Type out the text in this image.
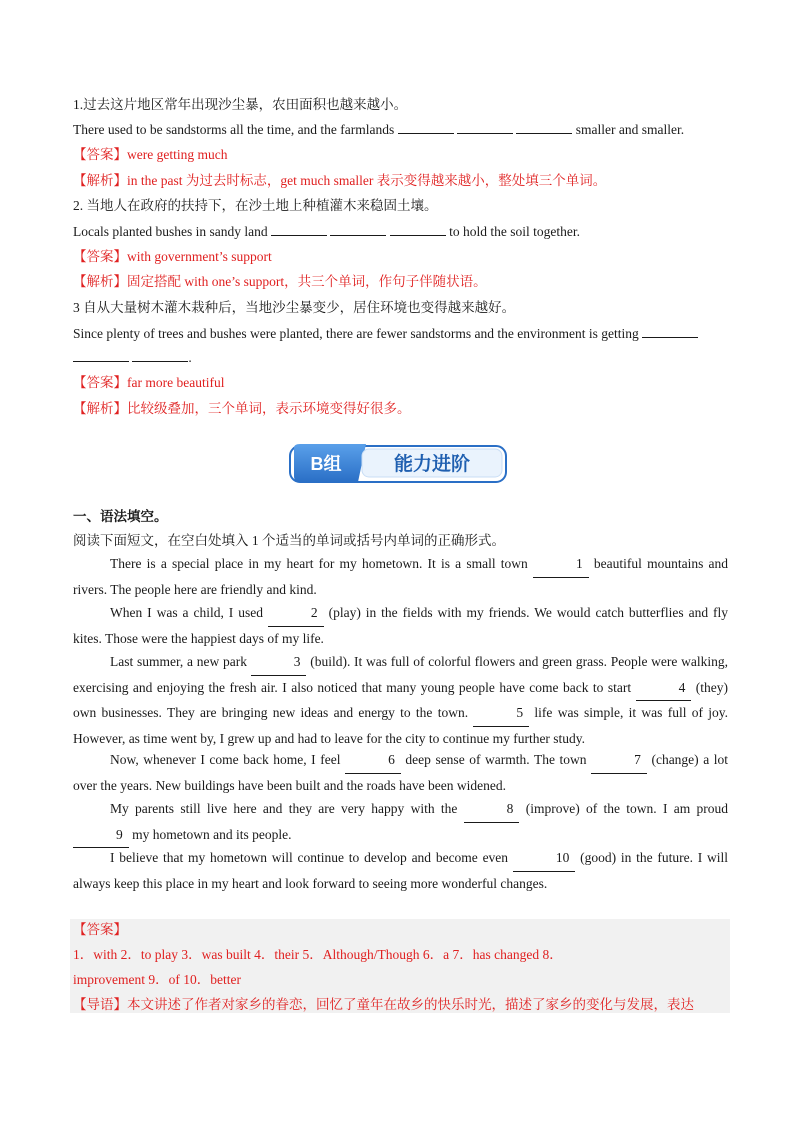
1.过去这片地区常年出现沙尘暴，农田面积也越来越小。
There used to be sandstorms all the time, and the farmlands	smaller and smaller.
【答案】were getting much
【解析】in the past 为过去时标志，get much smaller 表示变得越来越小，整处填三个单词。
2. 当地人在政府的扶持下，在沙土地上种植灌木来稳固土壤。
Locals planted bushes in sandy land	to hold the soil together.
【答案】with government’s support
【解析】固定搭配 with one’s support，共三个单词，作句子伴随状语。
3 自从大量树木灌木栽种后，当地沙尘暴变少，居住环境也变得越来越好。
Since plenty of trees and bushes were planted, there are fewer sandstorms and the environment is getting
.
【答案】far more beautiful
【解析】比较级叠加，三个单词，表示环境变得好很多。
B组	能力进阶
一、语法填空。
阅读下面短文，在空白处填入 1 个适当的单词或括号内单词的正确形式。
There is a special place in my heart for my hometown. It is a small town	1 beautiful mountains and rivers. The people here are friendly and kind.
When I was a child, I used	2 (play) in the fields with my friends. We would catch butterflies and fly kites. Those were the happiest days of my life.
Last summer, a new park	3 (build). It was full of colorful flowers and green grass. People were walking, exercising and enjoying the fresh air. I also noticed that many young people have come back to start	4 (they) own businesses. They are bringing new ideas and energy to the town.	5 life was simple, it was full of joy. However, as time went by, I grew up and had to leave for the city to continue my further study.
Now, whenever I come back home, I feel	6 deep sense of warmth. The town	7 (change) a lot over the years. New buildings have been built and the roads have been widened.
My parents still live here and they are very happy with the	8 (improve) of the town. I am proud 9 my hometown and its people.
I believe that my hometown will continue to develop and become even	10 (good) in the future. I will always keep this place in my heart and look forward to seeing more wonderful changes.
【答案】
1．with 2．to play 3．was built 4．their 5．Although/Though 6．a 7．has changed 8．
improvement 9．of 10．better
【导语】本文讲述了作者对家乡的眷恋，回忆了童年在故乡的快乐时光，描述了家乡的变化与发展，表达
